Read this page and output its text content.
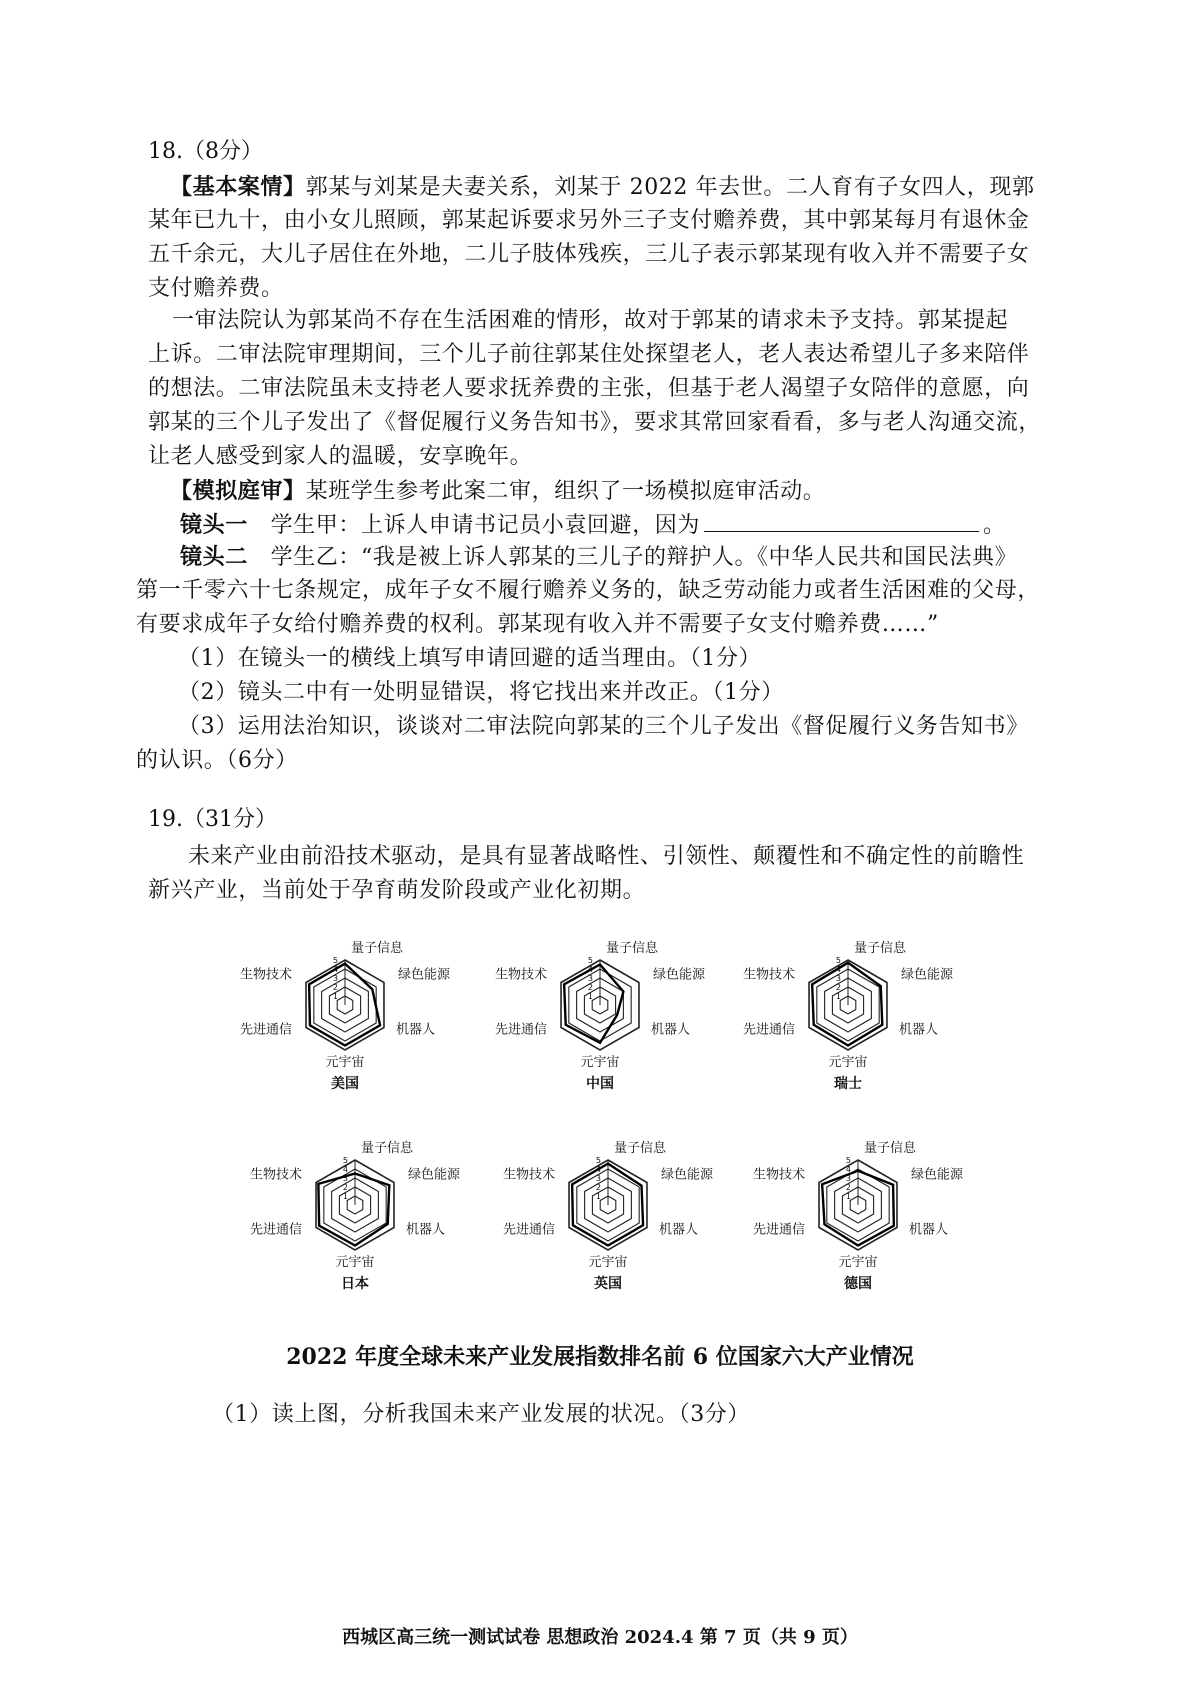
18.（8分）
【基本案情】郭某与刘某是夫妻关系，刘某于 2022 年去世。二人育有子女四人，现郭
某年已九十，由小女儿照顾，郭某起诉要求另外三子支付赡养费，其中郭某每月有退休金
五千余元，大儿子居住在外地，二儿子肢体残疾，三儿子表示郭某现有收入并不需要子女
支付赡养费。
一审法院认为郭某尚不存在生活困难的情形，故对于郭某的请求未予支持。郭某提起
上诉。二审法院审理期间，三个儿子前往郭某住处探望老人，老人表达希望儿子多来陪伴
的想法。二审法院虽未支持老人要求抚养费的主张，但基于老人渴望子女陪伴的意愿，向
郭某的三个儿子发出了《督促履行义务告知书》，要求其常回家看看，多与老人沟通交流，
让老人感受到家人的温暖，安享晚年。
【模拟庭审】某班学生参考此案二审，组织了一场模拟庭审活动。
镜头一 学生甲：上诉人申请书记员小袁回避，因为	。
镜头二 学生乙：“我是被上诉人郭某的三儿子的辩护人。《中华人民共和国民法典》
第一千零六十七条规定，成年子女不履行赡养义务的，缺乏劳动能力或者生活困难的父母，
有要求成年子女给付赡养费的权利。郭某现有收入并不需要子女支付赡养费……”
（1）在镜头一的横线上填写申请回避的适当理由。（1分）
（2）镜头二中有一处明显错误，将它找出来并改正。（1分）
（3）运用法治知识，谈谈对二审法院向郭某的三个儿子发出《督促履行义务告知书》
的认识。（6分）
19.（31分）
未来产业由前沿技术驱动，是具有显著战略性、引领性、颠覆性和不确定性的前瞻性
新兴产业，当前处于孕育萌发阶段或产业化初期。
5
4
3
2
1
量子信息
绿色能源
机器人
元宇宙
先进通信
生物技术
美国
5
4
3
2
1
量子信息
绿色能源
机器人
元宇宙
先进通信
生物技术
中国
5
4
3
2
1
量子信息
绿色能源
机器人
元宇宙
先进通信
生物技术
瑞士
5
4
3
2
1
量子信息
绿色能源
机器人
元宇宙
先进通信
生物技术
日本
5
4
3
2
1
量子信息
绿色能源
机器人
元宇宙
先进通信
生物技术
英国
5
4
3
2
1
量子信息
绿色能源
机器人
元宇宙
先进通信
生物技术
德国
2022 年度全球未来产业发展指数排名前 6 位国家六大产业情况
（1）读上图，分析我国未来产业发展的状况。（3分）
西城区高三统一测试试卷 思想政治 2024.4 第 7 页（共 9 页）
